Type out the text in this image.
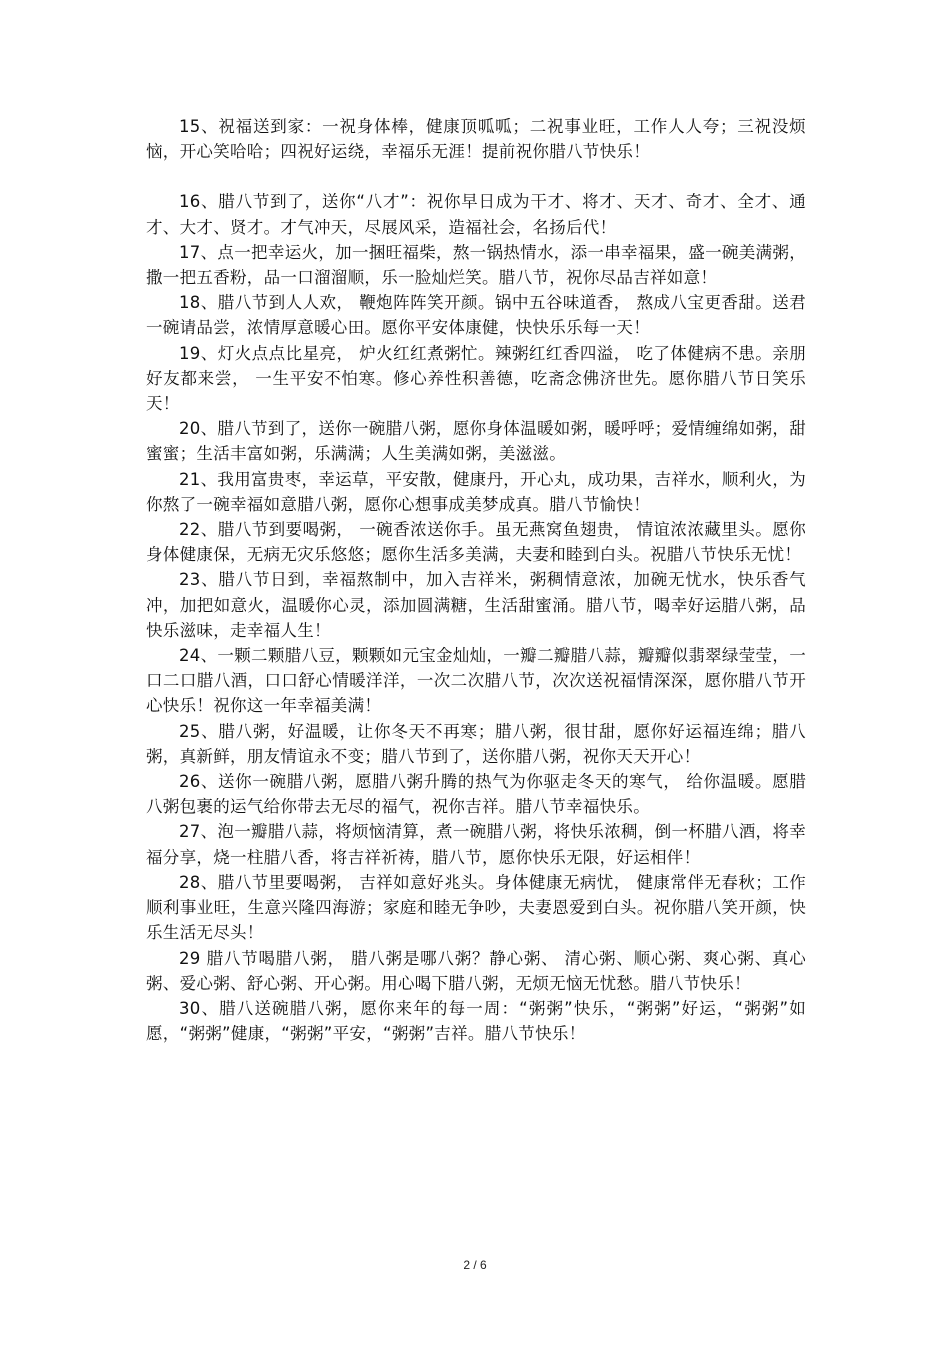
15、祝福送到家：一祝身体棒，健康顶呱呱；二祝事业旺，工作人人夸；三祝没烦恼，开心笑哈哈；四祝好运绕，幸福乐无涯！提前祝你腊八节快乐！

16、腊八节到了，送你“八才”：祝你早日成为干才、将才、天才、奇才、全才、通才、大才、贤才。才气冲天，尽展风采，造福社会，名扬后代！

17、点一把幸运火，加一捆旺福柴，熬一锅热情水，添一串幸福果，盛一碗美满粥，撒一把五香粉，品一口溜溜顺，乐一脸灿烂笑。腊八节，祝你尽品吉祥如意！

18、腊八节到人人欢， 鞭炮阵阵笑开颜。锅中五谷味道香， 熬成八宝更香甜。送君一碗请品尝，浓情厚意暖心田。愿你平安体康健，快快乐乐每一天！

19、灯火点点比星亮， 炉火红红煮粥忙。辣粥红红香四溢， 吃了体健病不患。亲朋好友都来尝， 一生平安不怕寒。修心养性积善德，吃斋念佛济世先。愿你腊八节日笑乐天！

20、腊八节到了，送你一碗腊八粥，愿你身体温暖如粥，暖呼呼；爱情缠绵如粥，甜蜜蜜；生活丰富如粥，乐满满；人生美满如粥，美滋滋。

21、我用富贵枣，幸运草，平安散，健康丹，开心丸，成功果，吉祥水，顺利火，为你熬了一碗幸福如意腊八粥，愿你心想事成美梦成真。腊八节愉快！

22、腊八节到要喝粥， 一碗香浓送你手。虽无燕窝鱼翅贵， 情谊浓浓藏里头。愿你身体健康保，无病无灾乐悠悠；愿你生活多美满，夫妻和睦到白头。祝腊八节快乐无忧！

23、腊八节日到，幸福熬制中，加入吉祥米，粥稠情意浓，加碗无忧水，快乐香气冲，加把如意火，温暖你心灵，添加圆满糖，生活甜蜜涌。腊八节，喝幸好运腊八粥，品快乐滋味，走幸福人生！

24、一颗二颗腊八豆，颗颗如元宝金灿灿，一瓣二瓣腊八蒜，瓣瓣似翡翠绿莹莹，一口二口腊八酒，口口舒心情暖洋洋，一次二次腊八节，次次送祝福情深深，愿你腊八节开心快乐！祝你这一年幸福美满！

25、腊八粥，好温暖，让你冬天不再寒；腊八粥，很甘甜，愿你好运福连绵；腊八粥，真新鲜，朋友情谊永不变；腊八节到了，送你腊八粥，祝你天天开心！

26、送你一碗腊八粥，愿腊八粥升腾的热气为你驱走冬天的寒气， 给你温暖。愿腊八粥包裹的运气给你带去无尽的福气，祝你吉祥。腊八节幸福快乐。

27、泡一瓣腊八蒜，将烦恼清算，煮一碗腊八粥，将快乐浓稠，倒一杯腊八酒，将幸福分享，烧一柱腊八香，将吉祥祈祷，腊八节，愿你快乐无限，好运相伴！

28、腊八节里要喝粥， 吉祥如意好兆头。身体健康无病忧， 健康常伴无春秋；工作顺利事业旺，生意兴隆四海游；家庭和睦无争吵，夫妻恩爱到白头。祝你腊八笑开颜，快乐生活无尽头！

29 腊八节喝腊八粥， 腊八粥是哪八粥？静心粥、 清心粥、顺心粥、爽心粥、真心粥、爱心粥、舒心粥、开心粥。用心喝下腊八粥，无烦无恼无忧愁。腊八节快乐！

30、腊八送碗腊八粥，愿你来年的每一周：“粥粥”快乐，“粥粥”好运，“粥粥”如愿，“粥粥”健康，“粥粥”平安，“粥粥”吉祥。腊八节快乐！

2 / 6
